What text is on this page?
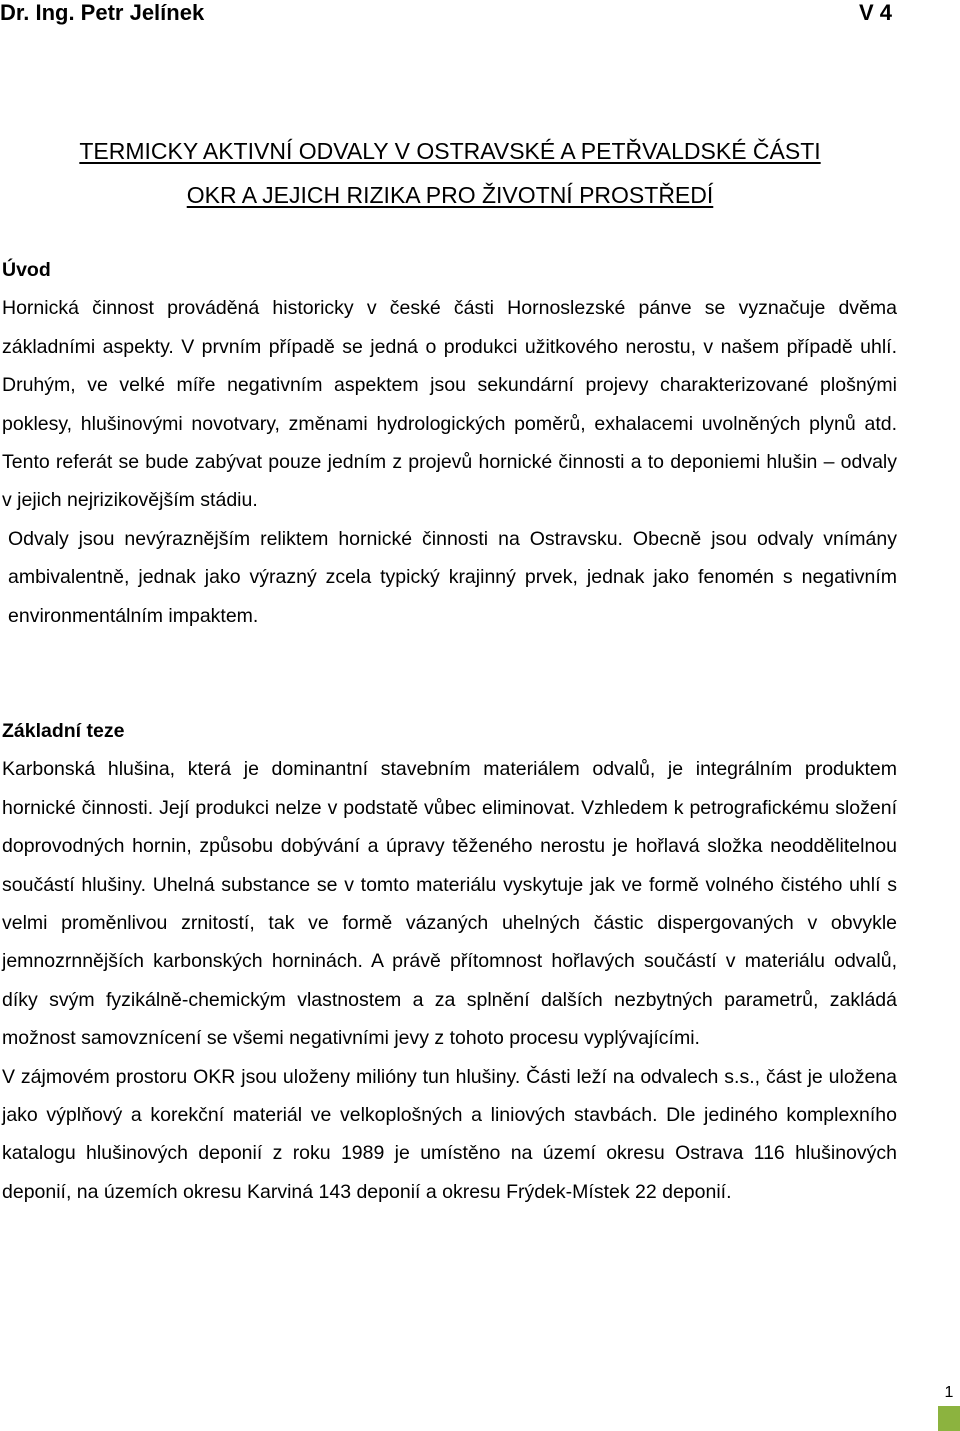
Dr. Ing. Petr Jelínek	V 4
TERMICKY AKTIVNÍ ODVALY V OSTRAVSKÉ A PETŘVALDSKÉ ČÁSTI
OKR A JEJICH RIZIKA PRO ŽIVOTNÍ PROSTŘEDÍ
Úvod

Hornická činnost prováděná historicky v české části Hornoslezské pánve se vyznačuje dvěma základními aspekty. V prvním případě se jedná o produkci užitkového nerostu, v našem případě uhlí. Druhým, ve velké míře negativním aspektem jsou sekundární projevy charakterizované plošnými poklesy, hlušinovými novotvary, změnami hydrologických poměrů, exhalacemi uvolněných plynů atd. Tento referát se bude zabývat pouze jedním z projevů hornické činnosti a to deponiemi hlušin – odvaly v jejich nejrizikovějším stádiu.

Odvaly jsou nevýraznějším reliktem hornické činnosti na Ostravsku. Obecně jsou odvaly vnímány ambivalentně, jednak jako výrazný zcela typický krajinný prvek, jednak jako fenomén s negativním environmentálním impaktem.

Základní teze

Karbonská hlušina, která je dominantní stavebním materiálem odvalů, je integrálním produktem hornické činnosti. Její produkci nelze v podstatě vůbec eliminovat. Vzhledem k petrografickému složení doprovodných hornin, způsobu dobývání a úpravy těženého nerostu je hořlavá složka neoddělitelnou součástí hlušiny. Uhelná substance se v tomto materiálu vyskytuje jak ve formě volného čistého uhlí s velmi proměnlivou zrnitostí, tak ve formě vázaných uhelných částic dispergovaných v obvykle jemnozrnnějších karbonských horninách. A právě přítomnost hořlavých součástí v materiálu odvalů, díky svým fyzikálně-chemickým vlastnostem a za splnění dalších nezbytných parametrů, zakládá možnost samovznícení se všemi negativními jevy z tohoto procesu vyplývajícími.

V zájmovém prostoru OKR jsou uloženy milióny tun hlušiny. Části leží na odvalech s.s., část je uložena jako výplňový a korekční materiál ve velkoplošných a liniových stavbách. Dle jediného komplexního katalogu hlušinových deponií z roku 1989 je umístěno na území okresu Ostrava 116 hlušinových deponií, na územích okresu Karviná 143 deponií a okresu Frýdek-Místek 22 deponií.

1
